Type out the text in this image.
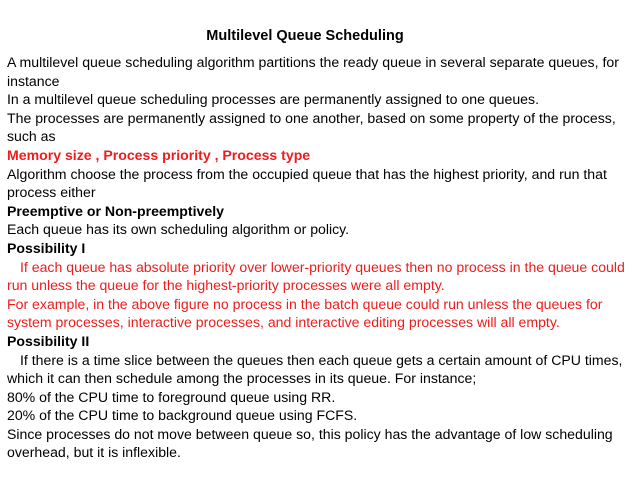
Multilevel Queue Scheduling

A multilevel queue scheduling algorithm partitions the ready queue in several separate queues, for instance

In a multilevel queue scheduling processes are permanently assigned to one queues.

The processes are permanently assigned to one another, based on some property of the process, such as

Memory size , Process priority , Process type

Algorithm choose the process from the occupied queue that has the highest priority, and run that process either

Preemptive or Non-preemptively

Each queue has its own scheduling algorithm or policy.

Possibility I

If each queue has absolute priority over lower-priority queues then no process in the queue could run unless the queue for the highest-priority processes were all empty.

For example, in the above figure no process in the batch queue could run unless the queues for system processes, interactive processes, and interactive editing processes will all empty.

Possibility II

If there is a time slice between the queues then each queue gets a certain amount of CPU times, which it can then schedule among the processes in its queue. For instance;

80% of the CPU time to foreground queue using RR.

20% of the CPU time to background queue using FCFS.

Since processes do not move between queue so, this policy has the advantage of low scheduling overhead, but it is inflexible.
